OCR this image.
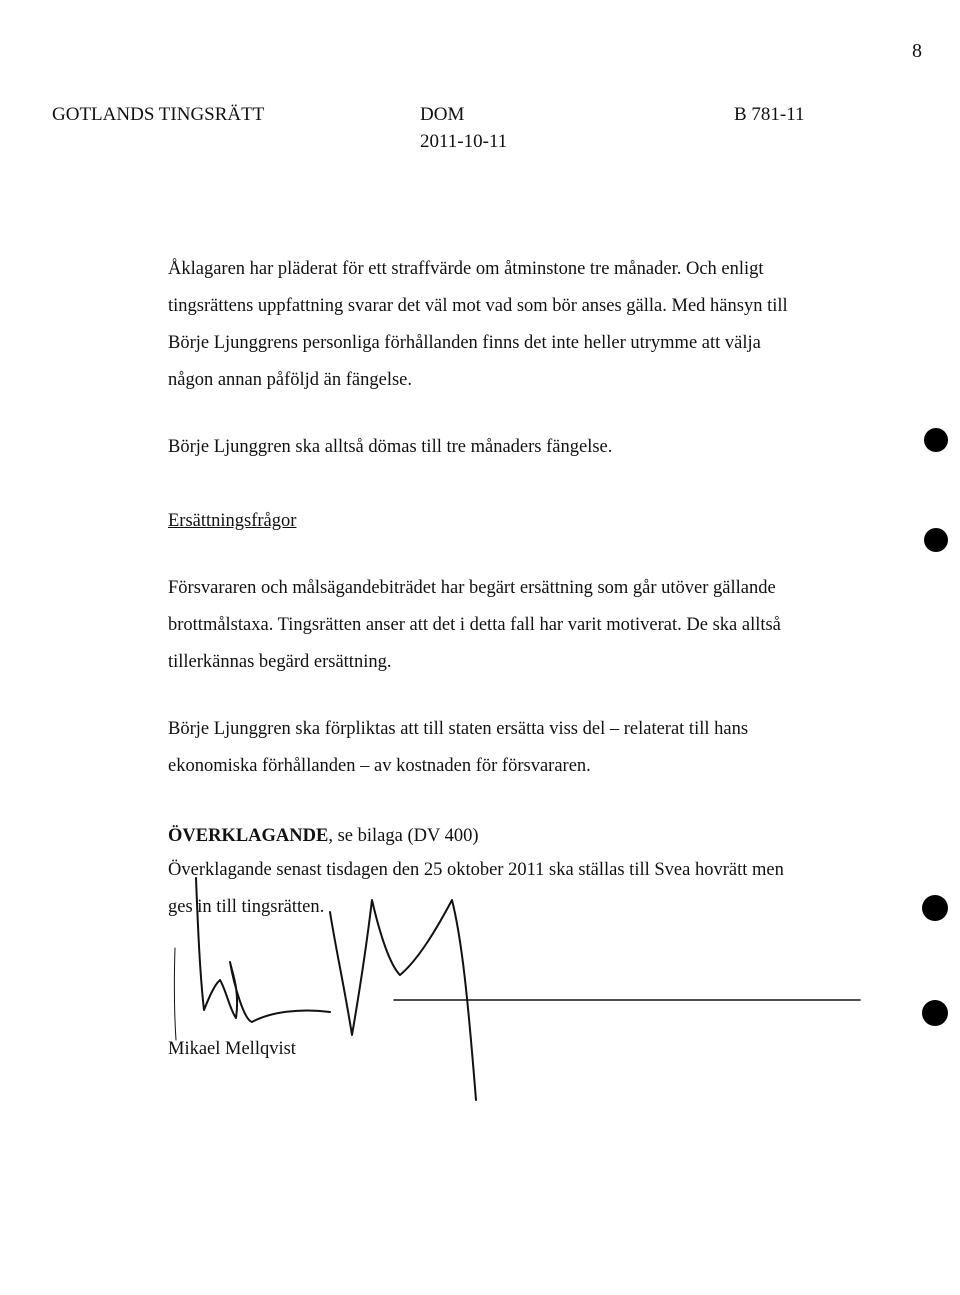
8
GOTLANDS TINGSRÄTT	DOM
2011-10-11
B 781-11
Åklagaren har pläderat för ett straffvärde om åtminstone tre månader. Och enligt
tingsrättens uppfattning svarar det väl mot vad som bör anses gälla. Med hänsyn till
Börje Ljunggrens personliga förhållanden finns det inte heller utrymme att välja
någon annan påföljd än fängelse.
Börje Ljunggren ska alltså dömas till tre månaders fängelse.
Ersättningsfrågor
Försvararen och målsägandebiträdet har begärt ersättning som går utöver gällande
brottmålstaxa. Tingsrätten anser att det i detta fall har varit motiverat. De ska alltså
tillerkännas begärd ersättning.
Börje Ljunggren ska förpliktas att till staten ersätta viss del – relaterat till hans
ekonomiska förhållanden – av kostnaden för försvararen.
ÖVERKLAGANDE, se bilaga (DV 400)
Överklagande senast tisdagen den 25 oktober 2011 ska ställas till Svea hovrätt men
ges in till tingsrätten.
Mikael Mellqvist
